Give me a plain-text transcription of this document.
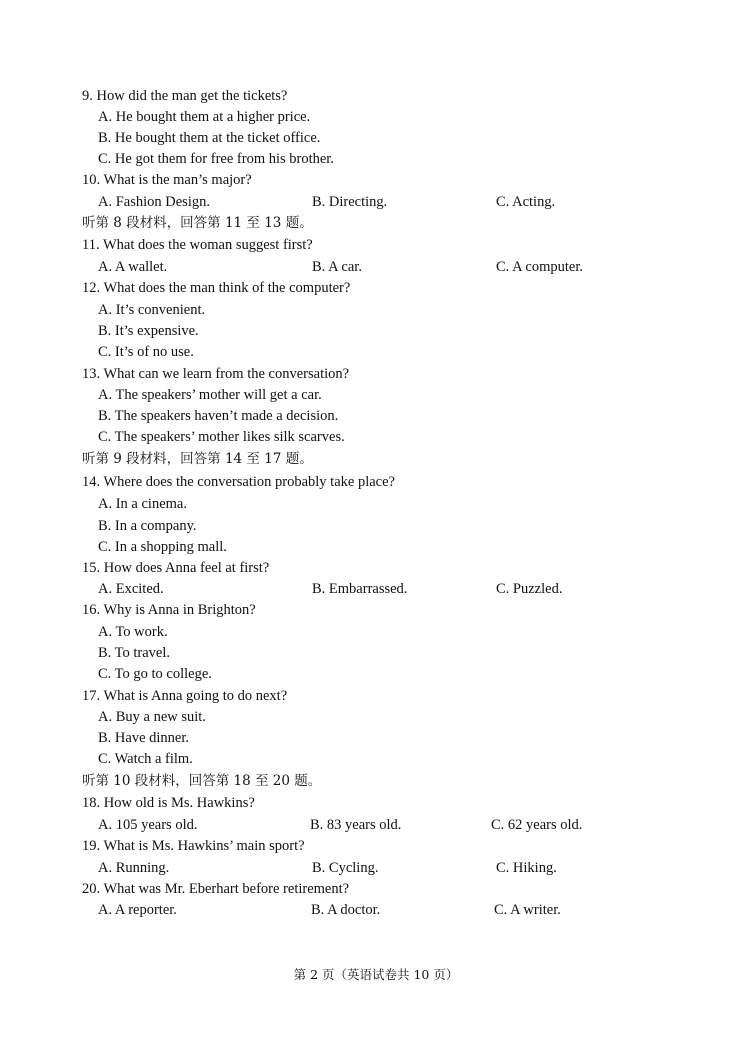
9. How did the man get the tickets?
A. He bought them at a higher price.
B. He bought them at the ticket office.
C. He got them for free from his brother.
10. What is the man’s major?
A. Fashion Design.	B. Directing.	C. Acting.
听第 8 段材料，回答第 11 至 13 题。
11. What does the woman suggest first?
A. A wallet.	B. A car.	C. A computer.
12. What does the man think of the computer?
A. It’s convenient.
B. It’s expensive.
C. It’s of no use.
13. What can we learn from the conversation?
A. The speakers’ mother will get a car.
B. The speakers haven’t made a decision.
C. The speakers’ mother likes silk scarves.
听第 9 段材料，回答第 14 至 17 题。
14. Where does the conversation probably take place?
A. In a cinema.
B. In a company.
C. In a shopping mall.
15. How does Anna feel at first?
A. Excited.	B. Embarrassed.	C. Puzzled.
16. Why is Anna in Brighton?
A. To work.
B. To travel.
C. To go to college.
17. What is Anna going to do next?
A. Buy a new suit.
B. Have dinner.
C. Watch a film.
听第 10 段材料，回答第 18 至 20 题。
18. How old is Ms. Hawkins?
A. 105 years old.	B. 83 years old.	C. 62 years old.
19. What is Ms. Hawkins’ main sport?
A. Running.	B. Cycling.	C. Hiking.
20. What was Mr. Eberhart before retirement?
A. A reporter.	B. A doctor.	C. A writer.
第 2 页（英语试卷共 10 页）
